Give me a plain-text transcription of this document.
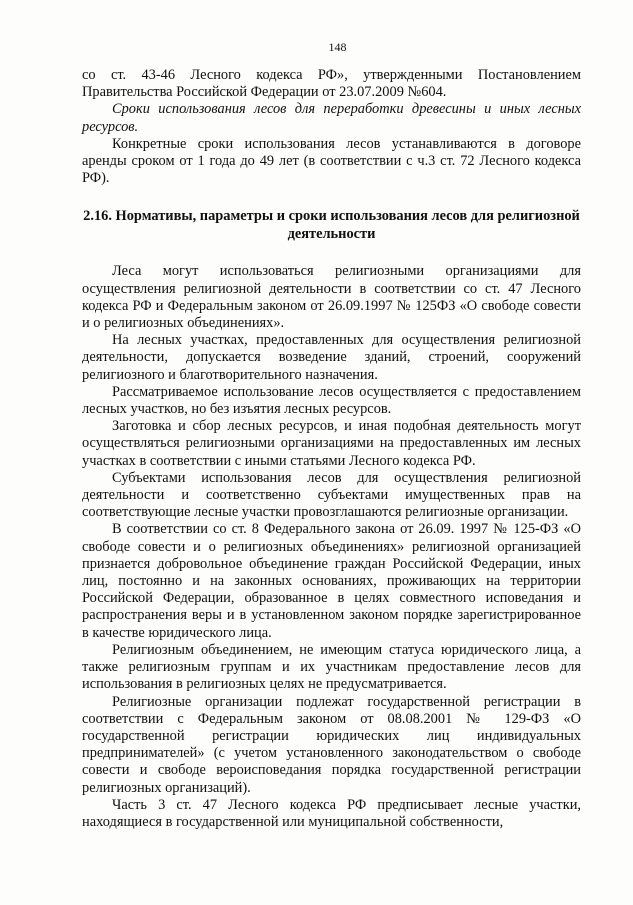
148

со ст. 43-46 Лесного кодекса РФ», утвержденными Постановлением Правительства Российской Федерации от 23.07.2009 №604.

Сроки использования лесов для переработки древесины и иных лесных ресурсов.

Конкретные сроки использования лесов устанавливаются в договоре аренды сроком от 1 года до 49 лет (в соответствии с ч.3 ст. 72 Лесного кодекса РФ).

2.16. Нормативы, параметры и сроки использования лесов для религиозной деятельности

Леса могут использоваться религиозными организациями для осуществления религиозной деятельности в соответствии со ст. 47 Лесного кодекса РФ и Федеральным законом от 26.09.1997 № 125ФЗ «О свободе совести и о религиозных объединениях».

На лесных участках, предоставленных для осуществления религиозной деятельности, допускается возведение зданий, строений, сооружений религиозного и благотворительного назначения.

Рассматриваемое использование лесов осуществляется с предоставлением лесных участков, но без изъятия лесных ресурсов.

Заготовка и сбор лесных ресурсов, и иная подобная деятельность могут осуществляться религиозными организациями на предоставленных им лесных участках в соответствии с иными статьями Лесного кодекса РФ.

Субъектами использования лесов для осуществления религиозной деятельности и соответственно субъектами имущественных прав на соответствующие лесные участки провозглашаются религиозные организации.

В соответствии со ст. 8 Федерального закона от 26.09. 1997 № 125-ФЗ «О свободе совести и о религиозных объединениях» религиозной организацией признается добровольное объединение граждан Российской Федерации, иных лиц, постоянно и на законных основаниях, проживающих на территории Российской Федерации, образованное в целях совместного исповедания и распространения веры и в установленном законом порядке зарегистрированное в качестве юридического лица.

Религиозным объединением, не имеющим статуса юридического лица, а также религиозным группам и их участникам предоставление лесов для использования в религиозных целях не предусматривается.

Религиозные организации подлежат государственной регистрации в соответствии с Федеральным законом от 08.08.2001 № 129-ФЗ «О государственной регистрации юридических лиц индивидуальных предпринимателей» (с учетом установленного законодательством о свободе совести и свободе вероисповедания порядка государственной регистрации религиозных организаций).

Часть 3 ст. 47 Лесного кодекса РФ предписывает лесные участки, находящиеся в государственной или муниципальной собственности,
